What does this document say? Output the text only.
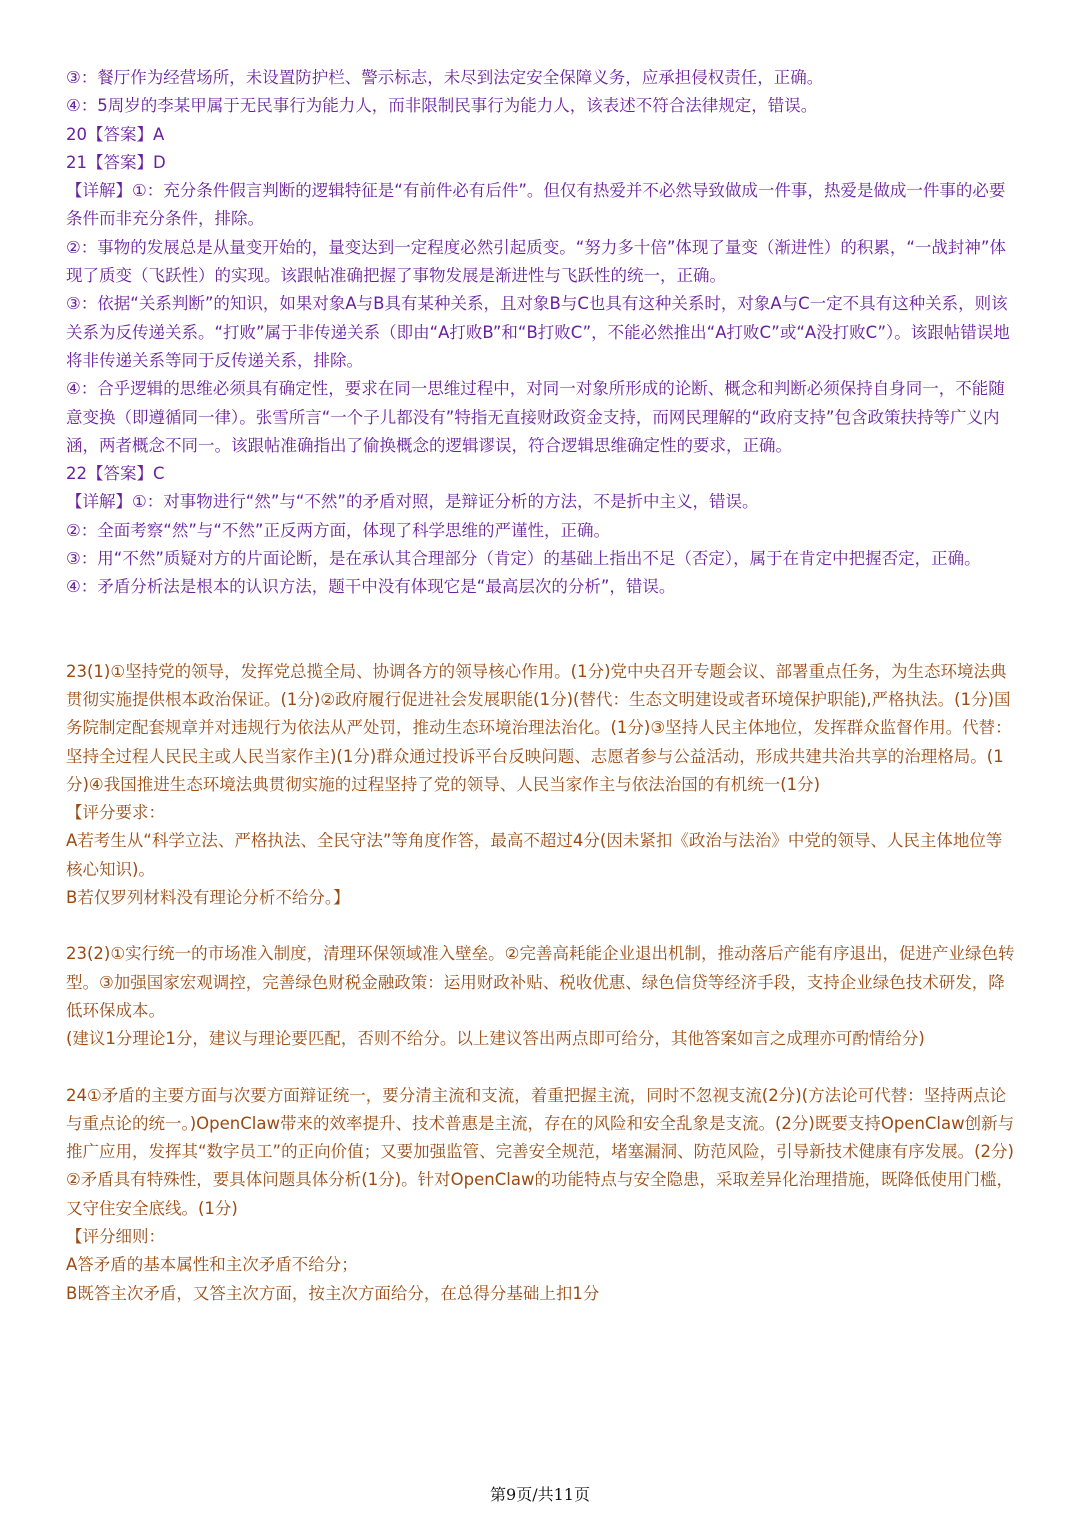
③：餐厅作为经营场所，未设置防护栏、警示标志，未尽到法定安全保障义务，应承担侵权责任，正确。

④：5周岁的李某甲属于无民事行为能力人，而非限制民事行为能力人，该表述不符合法律规定，错误。

20【答案】A

21【答案】D

【详解】①：充分条件假言判断的逻辑特征是“有前件必有后件”。但仅有热爱并不必然导致做成一件事，热爱是做成一件事的必要条件而非充分条件，排除。

②：事物的发展总是从量变开始的，量变达到一定程度必然引起质变。“努力多十倍”体现了量变（渐进性）的积累，“一战封神”体现了质变（飞跃性）的实现。该跟帖准确把握了事物发展是渐进性与飞跃性的统一，正确。

③：依据“关系判断”的知识，如果对象A与B具有某种关系，且对象B与C也具有这种关系时，对象A与C一定不具有这种关系，则该关系为反传递关系。“打败”属于非传递关系（即由“A打败B”和“B打败C”，不能必然推出“A打败C”或“A没打败C”）。该跟帖错误地将非传递关系等同于反传递关系，排除。

④：合乎逻辑的思维必须具有确定性，要求在同一思维过程中，对同一对象所形成的论断、概念和判断必须保持自身同一，不能随意变换（即遵循同一律）。张雪所言“一个子儿都没有”特指无直接财政资金支持，而网民理解的“政府支持”包含政策扶持等广义内涵，两者概念不同一。该跟帖准确指出了偷换概念的逻辑谬误，符合逻辑思维确定性的要求，正确。

22【答案】C

【详解】①：对事物进行“然”与“不然”的矛盾对照，是辩证分析的方法，不是折中主义，错误。

②：全面考察“然”与“不然”正反两方面，体现了科学思维的严谨性，正确。

③：用“不然”质疑对方的片面论断，是在承认其合理部分（肯定）的基础上指出不足（否定），属于在肯定中把握否定，正确。

④：矛盾分析法是根本的认识方法，题干中没有体现它是“最高层次的分析”，错误。

23(1)①坚持党的领导，发挥党总揽全局、协调各方的领导核心作用。(1分)党中央召开专题会议、部署重点任务，为生态环境法典贯彻实施提供根本政治保证。(1分)②政府履行促进社会发展职能(1分)(替代：生态文明建设或者环境保护职能),严格执法。(1分)国务院制定配套规章并对违规行为依法从严处罚，推动生态环境治理法治化。(1分)③坚持人民主体地位，发挥群众监督作用。代替：坚持全过程人民民主或人民当家作主)(1分)群众通过投诉平台反映问题、志愿者参与公益活动，形成共建共治共享的治理格局。(1分)④我国推进生态环境法典贯彻实施的过程坚持了党的领导、人民当家作主与依法治国的有机统一(1分)

【评分要求：

A若考生从“科学立法、严格执法、全民守法”等角度作答，最高不超过4分(因未紧扣《政治与法治》中党的领导、人民主体地位等核心知识)。

B若仅罗列材料没有理论分析不给分。】

23(2)①实行统一的市场准入制度，清理环保领域准入壁垒。②完善高耗能企业退出机制，推动落后产能有序退出，促进产业绿色转型。③加强国家宏观调控，完善绿色财税金融政策：运用财政补贴、税收优惠、绿色信贷等经济手段，支持企业绿色技术研发，降低环保成本。

(建议1分理论1分，建议与理论要匹配，否则不给分。以上建议答出两点即可给分，其他答案如言之成理亦可酌情给分)

24①矛盾的主要方面与次要方面辩证统一，要分清主流和支流，着重把握主流，同时不忽视支流(2分)(方法论可代替：坚持两点论与重点论的统一。)OpenClaw带来的效率提升、技术普惠是主流，存在的风险和安全乱象是支流。(2分)既要支持OpenClaw创新与推广应用，发挥其“数字员工”的正向价值；又要加强监管、完善安全规范，堵塞漏洞、防范风险，引导新技术健康有序发展。(2分)

②矛盾具有特殊性，要具体问题具体分析(1分)。针对OpenClaw的功能特点与安全隐患，采取差异化治理措施，既降低使用门槛，又守住安全底线。(1分)

【评分细则：

A答矛盾的基本属性和主次矛盾不给分；

B既答主次矛盾，又答主次方面，按主次方面给分，在总得分基础上扣1分

第9页/共11页
